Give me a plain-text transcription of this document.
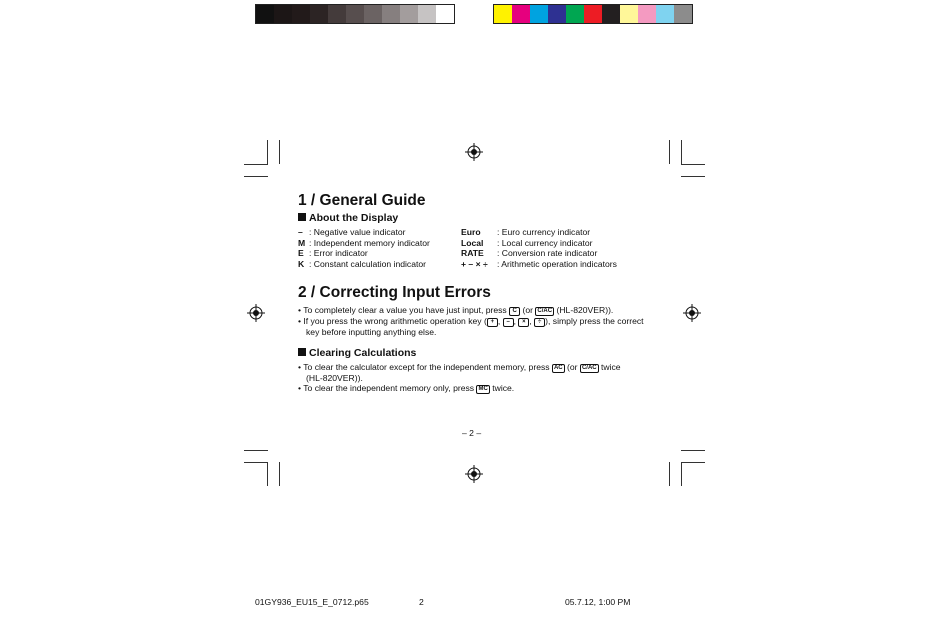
1 / General Guide
About the Display
– : Negative value indicator
M : Independent memory indicator
E : Error indicator
K : Constant calculation indicator
Euro : Euro currency indicator
Local : Local currency indicator
RATE : Conversion rate indicator
+ – × ÷ : Arithmetic operation indicators
2 / Correcting Input Errors
• To completely clear a value you have just input, press C (or C/AC (HL-820VER)).
• If you press the wrong arithmetic operation key ( + , – , × , ÷ ), simply press the correct
key before inputting anything else.
Clearing Calculations
• To clear the calculator except for the independent memory, press AC (or C/AC twice
(HL-820VER)).
• To clear the independent memory only, press MC twice.
– 2 –
01GY936_EU15_E_0712.p65	2	05.7.12, 1:00 PM
